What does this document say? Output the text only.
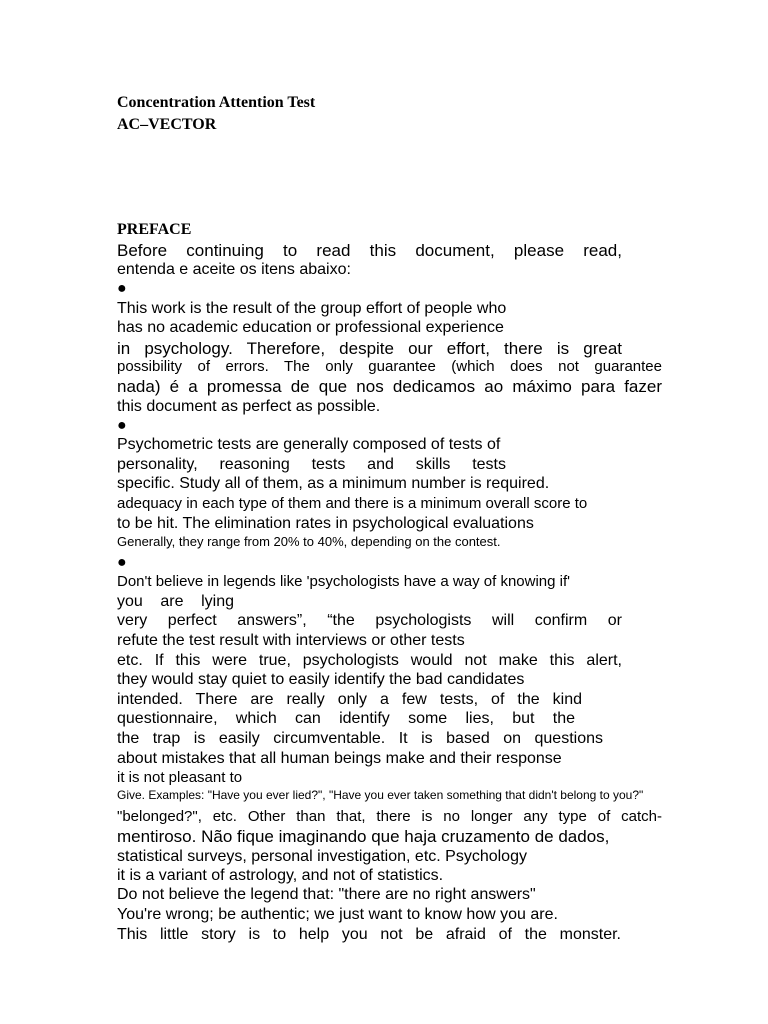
Concentration Attention Test
AC–VECTOR
PREFACE
Before continuing to read this document, please read,
entenda e aceite os itens abaixo:
●
This work is the result of the group effort of people who
has no academic education or professional experience
in psychology. Therefore, despite our effort, there is great
possibility of errors. The only guarantee (which does not guarantee
nada) é a promessa de que nos dedicamos ao máximo para fazer
this document as perfect as possible.
●
Psychometric tests are generally composed of tests of
personality, reasoning tests and skills tests
specific. Study all of them, as a minimum number is required.
adequacy in each type of them and there is a minimum overall score to
to be hit. The elimination rates in psychological evaluations
Generally, they range from 20% to 40%, depending on the contest.
●
Don't believe in legends like 'psychologists have a way of knowing if'
you are lying
very perfect answers”, “the psychologists will confirm or
refute the test result with interviews or other tests
etc. If this were true, psychologists would not make this alert,
they would stay quiet to easily identify the bad candidates
intended. There are really only a few tests, of the kind
questionnaire, which can identify some lies, but the
the trap is easily circumventable. It is based on questions
about mistakes that all human beings make and their response
it is not pleasant to
Give. Examples: "Have you ever lied?", "Have you ever taken something that didn't belong to you?"
"belonged?", etc. Other than that, there is no longer any type of catch-
mentiroso. Não fique imaginando que haja cruzamento de dados,
statistical surveys, personal investigation, etc. Psychology
it is a variant of astrology, and not of statistics.
Do not believe the legend that: "there are no right answers"
You're wrong; be authentic; we just want to know how you are.
This little story is to help you not be afraid of the monster.
